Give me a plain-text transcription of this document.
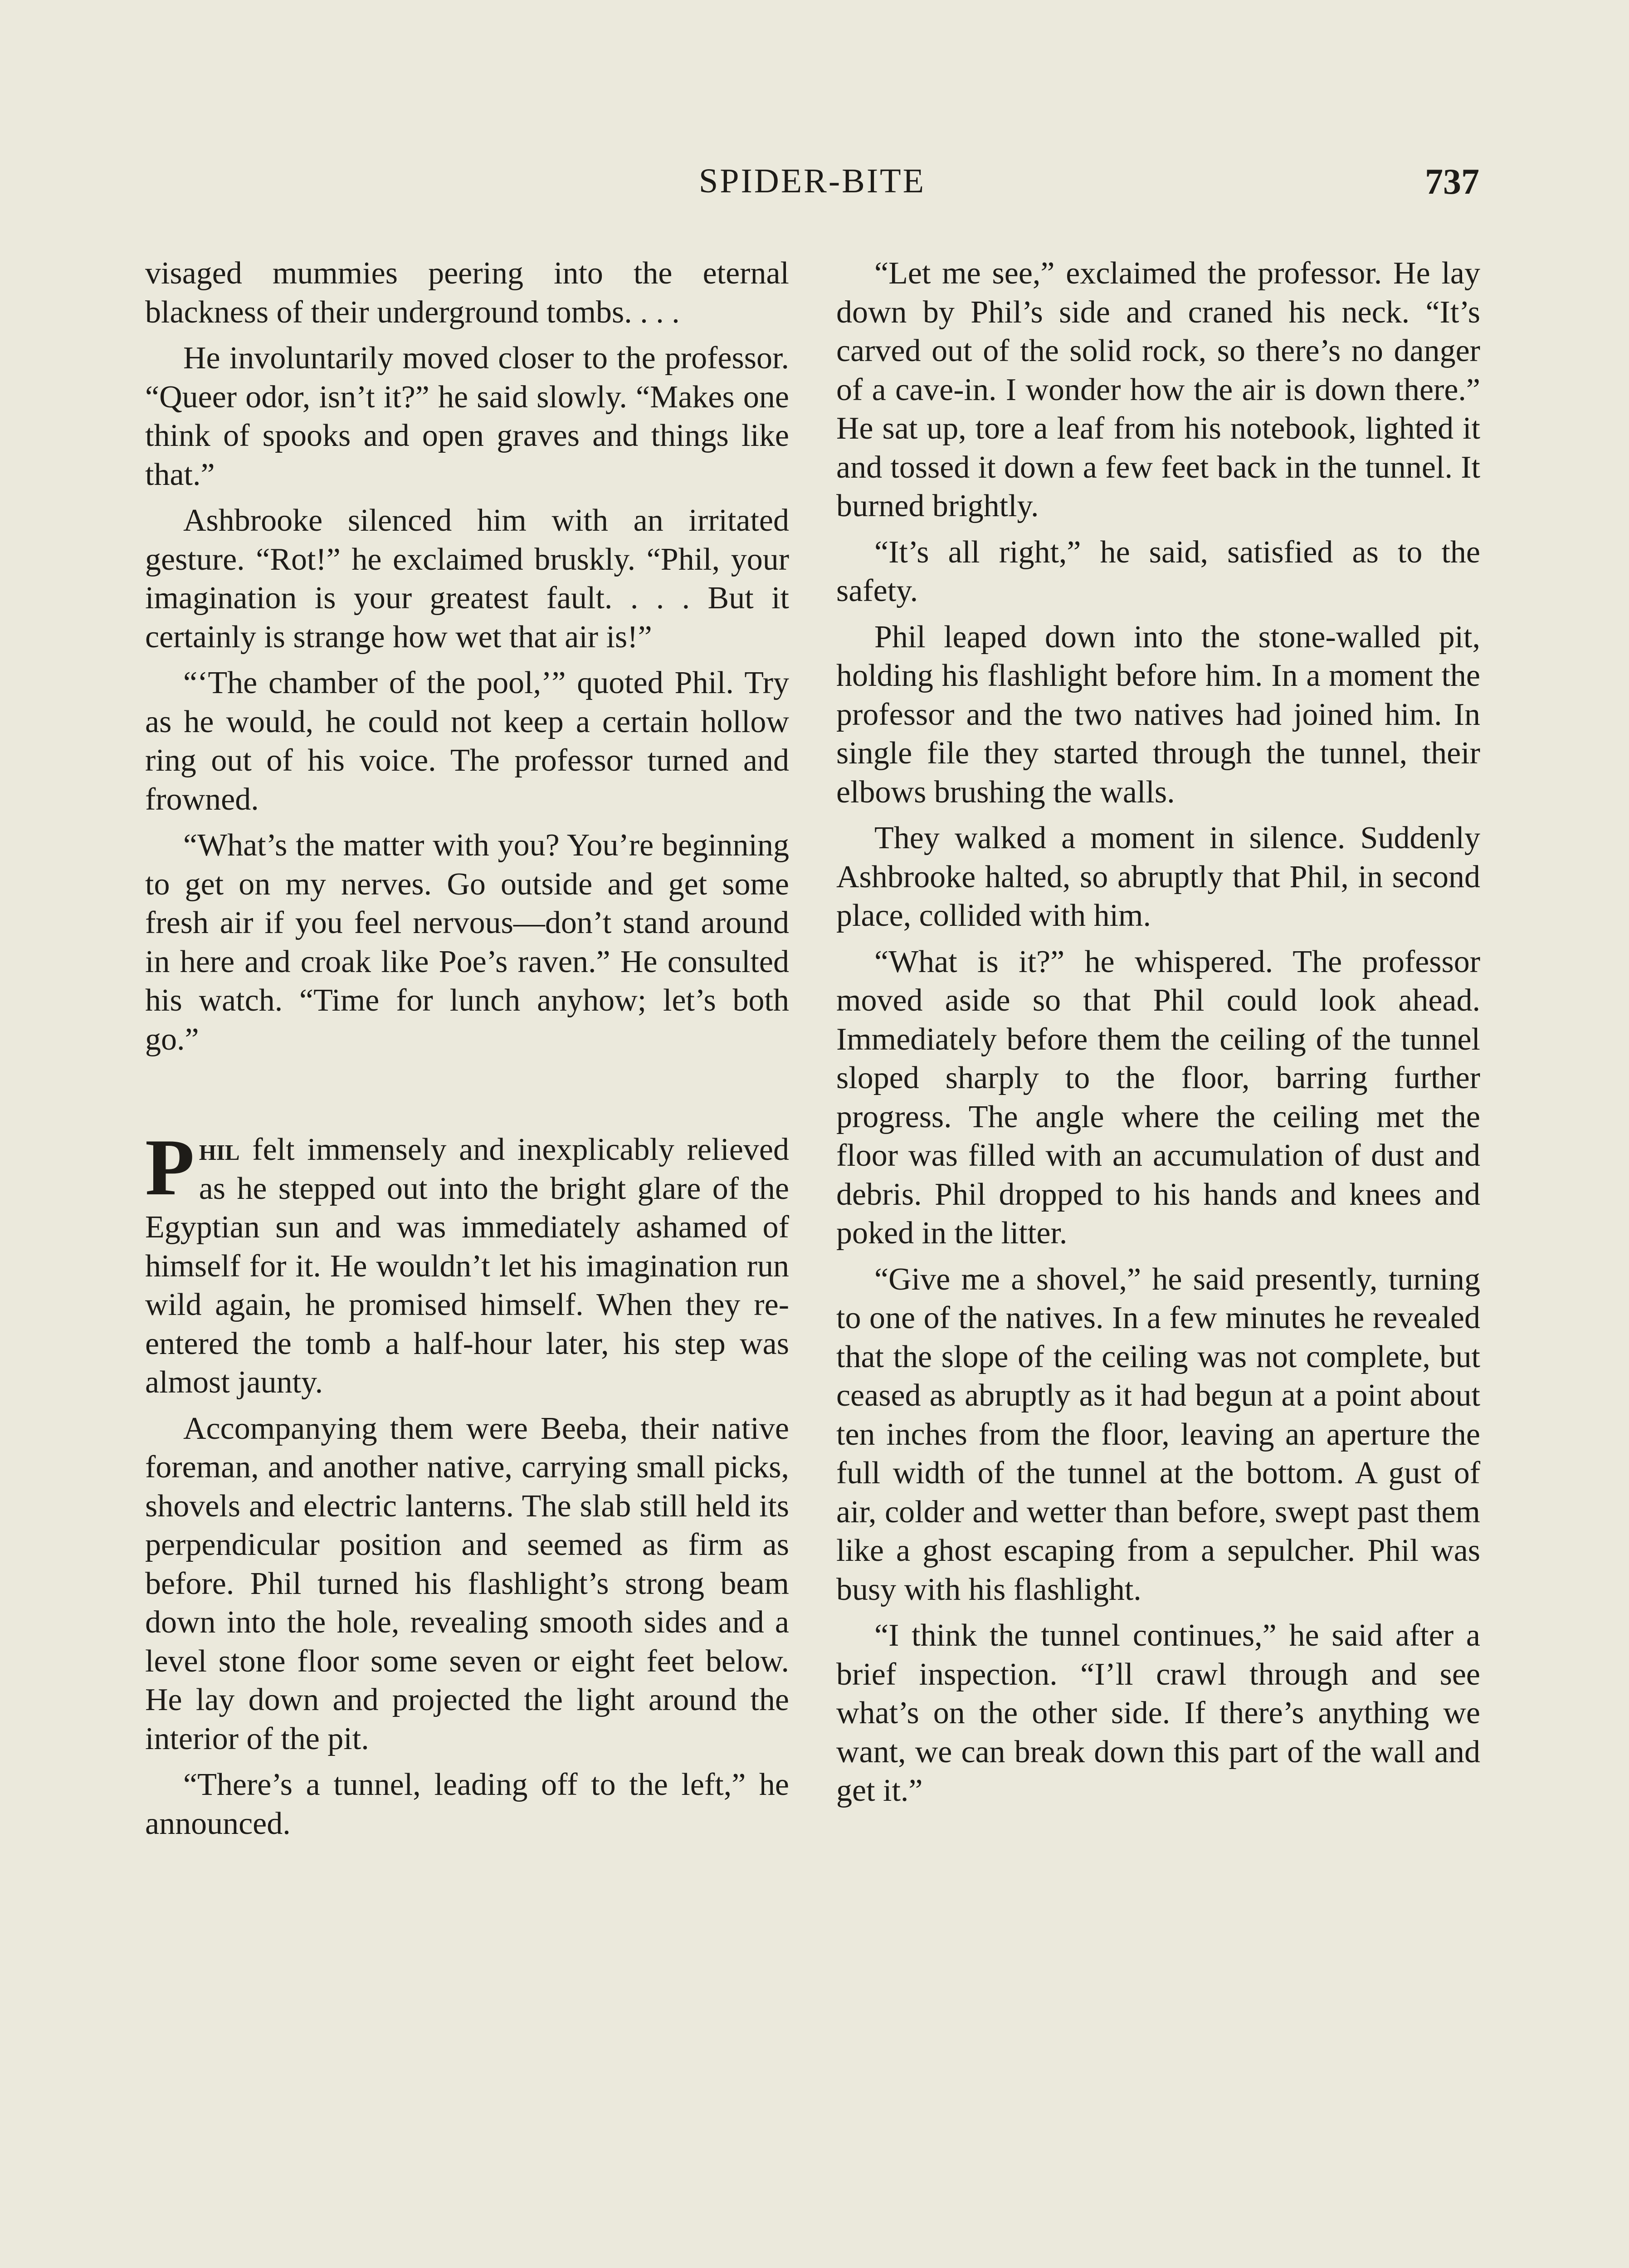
SPIDER-BITE	737

visaged mummies peering into the eternal blackness of their underground tombs. . . .

He involuntarily moved closer to the professor. “Queer odor, isn’t it?” he said slowly. “Makes one think of spooks and open graves and things like that.”

Ashbrooke silenced him with an irritated gesture. “Rot!” he exclaimed bruskly. “Phil, your imagination is your greatest fault. . . . But it certainly is strange how wet that air is!”

“‘The chamber of the pool,’” quoted Phil. Try as he would, he could not keep a certain hollow ring out of his voice. The professor turned and frowned.

“What’s the matter with you? You’re beginning to get on my nerves. Go outside and get some fresh air if you feel nervous—don’t stand around in here and croak like Poe’s raven.” He consulted his watch. “Time for lunch anyhow; let’s both go.”

Phil felt immensely and inexplicably relieved as he stepped out into the bright glare of the Egyptian sun and was immediately ashamed of himself for it. He wouldn’t let his imagination run wild again, he promised himself. When they re-entered the tomb a half-hour later, his step was almost jaunty.

Accompanying them were Beeba, their native foreman, and another native, carrying small picks, shovels and electric lanterns. The slab still held its perpendicular position and seemed as firm as before. Phil turned his flashlight’s strong beam down into the hole, revealing smooth sides and a level stone floor some seven or eight feet below. He lay down and projected the light around the interior of the pit.

“There’s a tunnel, leading off to the left,” he announced.

“Let me see,” exclaimed the professor. He lay down by Phil’s side and craned his neck. “It’s carved out of the solid rock, so there’s no danger of a cave-in. I wonder how the air is down there.” He sat up, tore a leaf from his notebook, lighted it and tossed it down a few feet back in the tunnel. It burned brightly.

“It’s all right,” he said, satisfied as to the safety.

Phil leaped down into the stone-walled pit, holding his flashlight before him. In a moment the professor and the two natives had joined him. In single file they started through the tunnel, their elbows brushing the walls.

They walked a moment in silence. Suddenly Ashbrooke halted, so abruptly that Phil, in second place, collided with him.

“What is it?” he whispered. The professor moved aside so that Phil could look ahead. Immediately before them the ceiling of the tunnel sloped sharply to the floor, barring further progress. The angle where the ceiling met the floor was filled with an accumulation of dust and debris. Phil dropped to his hands and knees and poked in the litter.

“Give me a shovel,” he said presently, turning to one of the natives. In a few minutes he revealed that the slope of the ceiling was not complete, but ceased as abruptly as it had begun at a point about ten inches from the floor, leaving an aperture the full width of the tunnel at the bottom. A gust of air, colder and wetter than before, swept past them like a ghost escaping from a sepulcher. Phil was busy with his flashlight.

“I think the tunnel continues,” he said after a brief inspection. “I’ll crawl through and see what’s on the other side. If there’s anything we want, we can break down this part of the wall and get it.”
